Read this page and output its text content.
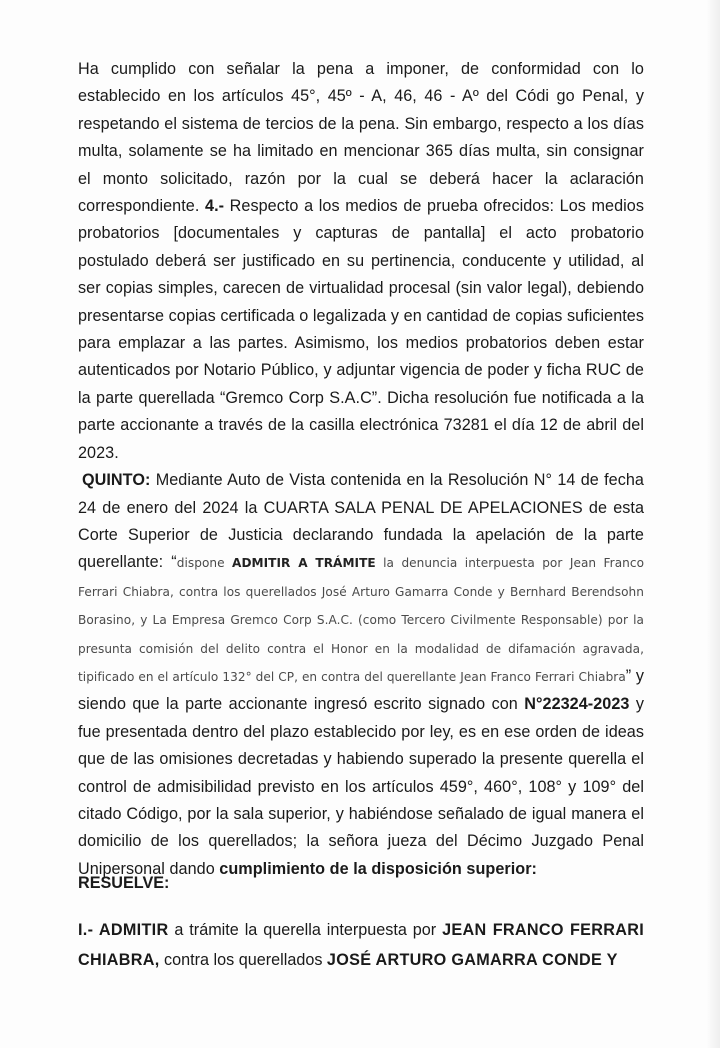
Ha cumplido con señalar la pena a imponer, de conformidad con lo establecido en los artículos 45°, 45º - A, 46, 46 - Aº del Códi go Penal, y respetando el sistema de tercios de la pena. Sin embargo, respecto a los días multa, solamente se ha limitado en mencionar 365 días multa, sin consignar el monto solicitado, razón por la cual se deberá hacer la aclaración correspondiente. 4.- Respecto a los medios de prueba ofrecidos: Los medios probatorios [documentales y capturas de pantalla] el acto probatorio postulado deberá ser justificado en su pertinencia, conducente y utilidad, al ser copias simples, carecen de virtualidad procesal (sin valor legal), debiendo presentarse copias certificada o legalizada y en cantidad de copias suficientes para emplazar a las partes. Asimismo, los medios probatorios deben estar autenticados por Notario Público, y adjuntar vigencia de poder y ficha RUC de la parte querellada “Gremco Corp S.A.C”. Dicha resolución fue notificada a la parte accionante a través de la casilla electrónica 73281 el día 12 de abril del 2023.

QUINTO: Mediante Auto de Vista contenida en la Resolución N° 14 de fecha 24 de enero del 2024 la CUARTA SALA PENAL DE APELACIONES de esta Corte Superior de Justicia declarando fundada la apelación de la parte querellante: “dispone ADMITIR A TRÁMITE la denuncia interpuesta por Jean Franco Ferrari Chiabra, contra los querellados José Arturo Gamarra Conde y Bernhard Berendsohn Borasino, y La Empresa Gremco Corp S.A.C. (como Tercero Civilmente Responsable) por la presunta comisión del delito contra el Honor en la modalidad de difamación agravada, tipificado en el artículo 132° del CP, en contra del querellante Jean Franco Ferrari Chiabra” y siendo que la parte accionante ingresó escrito signado con N°22324-2023 y fue presentada dentro del plazo establecido por ley, es en ese orden de ideas que de las omisiones decretadas y habiendo superado la presente querella el control de admisibilidad previsto en los artículos 459°, 460°, 108° y 109° del citado Código, por la sala superior, y habiéndose señalado de igual manera el domicilio de los querellados; la señora jueza del Décimo Juzgado Penal Unipersonal dando cumplimiento de la disposición superior:

RESUELVE:

I.- ADMITIR a trámite la querella interpuesta por JEAN FRANCO FERRARI CHIABRA, contra los querellados JOSÉ ARTURO GAMARRA CONDE Y
